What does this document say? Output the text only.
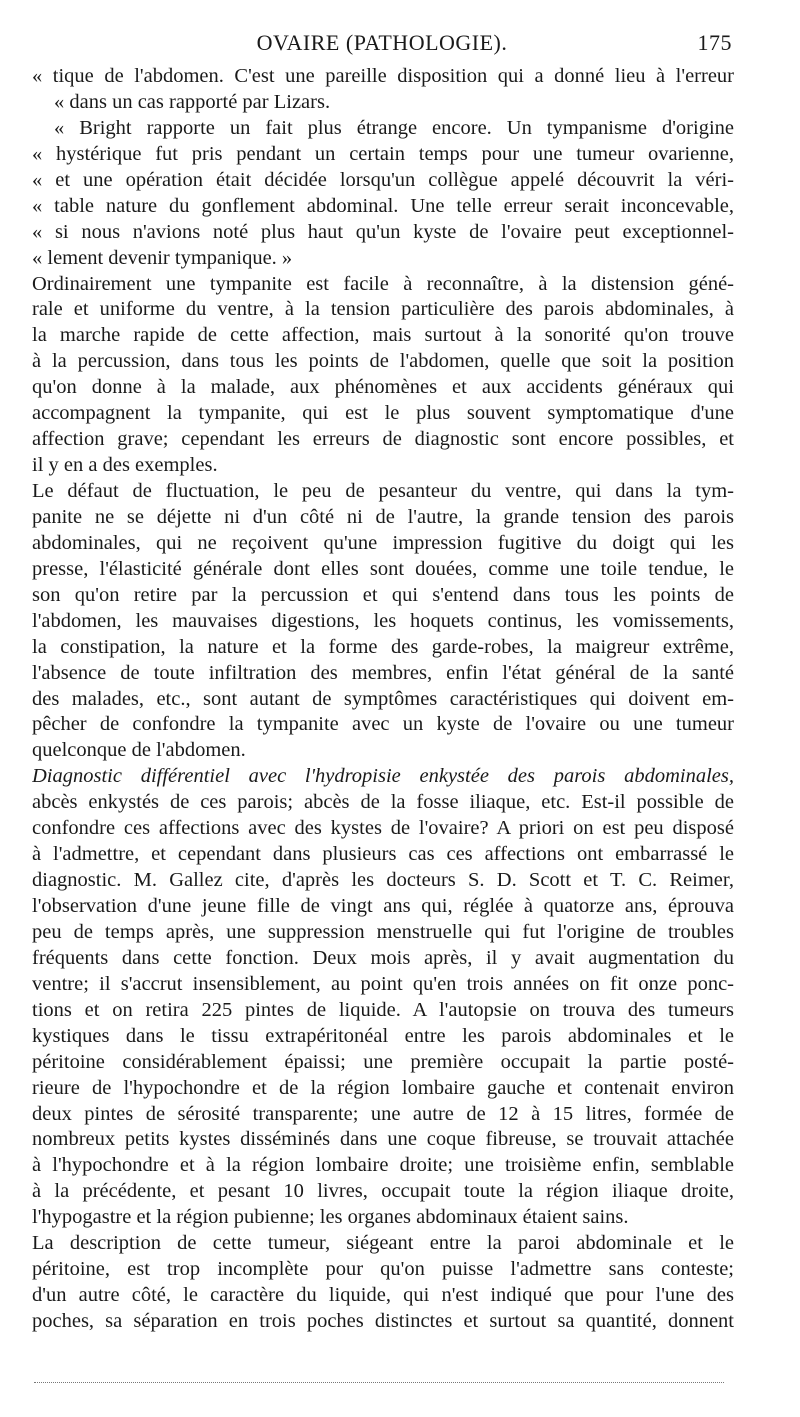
OVAIRE (PATHOLOGIE).	175
« tique de l'abdomen. C'est une pareille disposition qui a donné lieu à l'erreur
« dans un cas rapporté par Lizars.
« Bright rapporte un fait plus étrange encore. Un tympanisme d'origine
« hystérique fut pris pendant un certain temps pour une tumeur ovarienne,
« et une opération était décidée lorsqu'un collègue appelé découvrit la véri-
« table nature du gonflement abdominal. Une telle erreur serait inconcevable,
« si nous n'avions noté plus haut qu'un kyste de l'ovaire peut exceptionnel-
« lement devenir tympanique. »
Ordinairement une tympanite est facile à reconnaître, à la distension géné-
rale et uniforme du ventre, à la tension particulière des parois abdominales, à
la marche rapide de cette affection, mais surtout à la sonorité qu'on trouve
à la percussion, dans tous les points de l'abdomen, quelle que soit la position
qu'on donne à la malade, aux phénomènes et aux accidents généraux qui
accompagnent la tympanite, qui est le plus souvent symptomatique d'une
affection grave; cependant les erreurs de diagnostic sont encore possibles, et
il y en a des exemples.
Le défaut de fluctuation, le peu de pesanteur du ventre, qui dans la tym-
panite ne se déjette ni d'un côté ni de l'autre, la grande tension des parois
abdominales, qui ne reçoivent qu'une impression fugitive du doigt qui les
presse, l'élasticité générale dont elles sont douées, comme une toile tendue, le
son qu'on retire par la percussion et qui s'entend dans tous les points de
l'abdomen, les mauvaises digestions, les hoquets continus, les vomissements,
la constipation, la nature et la forme des garde-robes, la maigreur extrême,
l'absence de toute infiltration des membres, enfin l'état général de la santé
des malades, etc., sont autant de symptômes caractéristiques qui doivent em-
pêcher de confondre la tympanite avec un kyste de l'ovaire ou une tumeur
quelconque de l'abdomen.
Diagnostic différentiel avec l'hydropisie enkystée des parois abdominales,
abcès enkystés de ces parois; abcès de la fosse iliaque, etc. Est-il possible de
confondre ces affections avec des kystes de l'ovaire? A priori on est peu disposé
à l'admettre, et cependant dans plusieurs cas ces affections ont embarrassé le
diagnostic. M. Gallez cite, d'après les docteurs S. D. Scott et T. C. Reimer,
l'observation d'une jeune fille de vingt ans qui, réglée à quatorze ans, éprouva
peu de temps après, une suppression menstruelle qui fut l'origine de troubles
fréquents dans cette fonction. Deux mois après, il y avait augmentation du
ventre; il s'accrut insensiblement, au point qu'en trois années on fit onze ponc-
tions et on retira 225 pintes de liquide. A l'autopsie on trouva des tumeurs
kystiques dans le tissu extrapéritonéal entre les parois abdominales et le
péritoine considérablement épaissi; une première occupait la partie posté-
rieure de l'hypochondre et de la région lombaire gauche et contenait environ
deux pintes de sérosité transparente; une autre de 12 à 15 litres, formée de
nombreux petits kystes disséminés dans une coque fibreuse, se trouvait attachée
à l'hypochondre et à la région lombaire droite; une troisième enfin, semblable
à la précédente, et pesant 10 livres, occupait toute la région iliaque droite,
l'hypogastre et la région pubienne; les organes abdominaux étaient sains.
La description de cette tumeur, siégeant entre la paroi abdominale et le
péritoine, est trop incomplète pour qu'on puisse l'admettre sans conteste;
d'un autre côté, le caractère du liquide, qui n'est indiqué que pour l'une des
poches, sa séparation en trois poches distinctes et surtout sa quantité, donnent
